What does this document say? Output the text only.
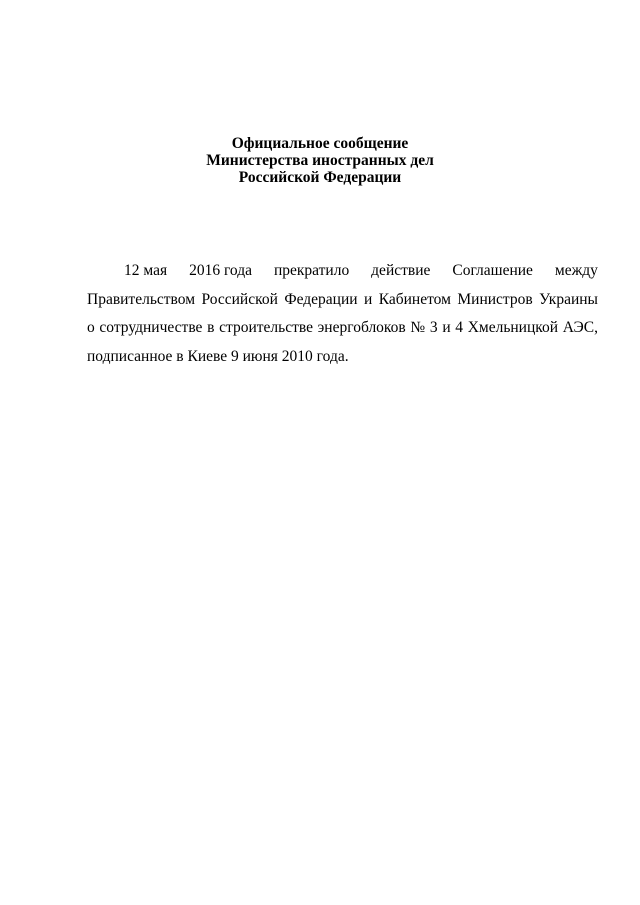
Официальное сообщение
Министерства иностранных дел
Российской Федерации
12 мая 2016 года прекратило действие Соглашение между
Правительством Российской Федерации и Кабинетом Министров Украины
о сотрудничестве в строительстве энергоблоков № 3 и 4 Хмельницкой АЭС,
подписанное в Киеве 9 июня 2010 года.
